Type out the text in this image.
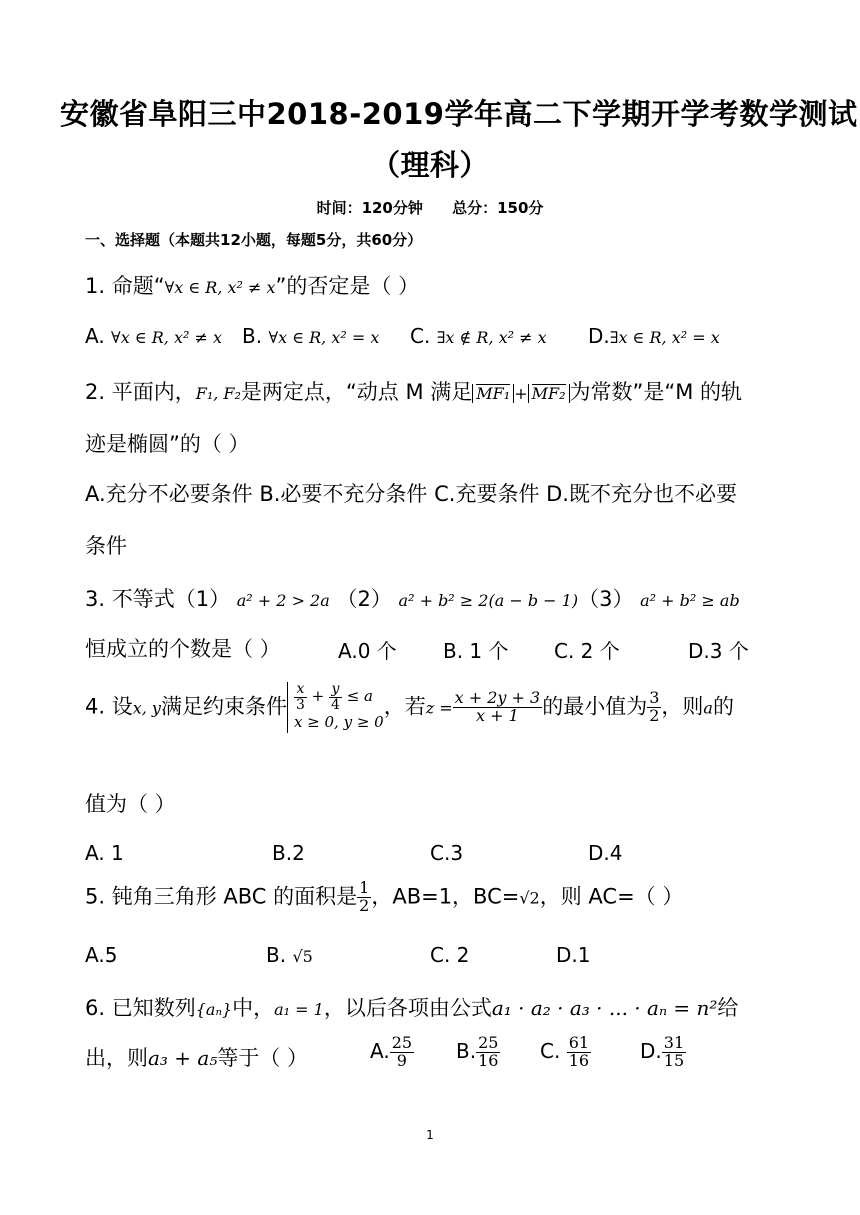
安徽省阜阳三中2018-2019学年高二下学期开学考数学测试
（理科）
时间：120分钟 总分：150分
一、选择题（本题共12小题，每题5分，共60分）
1. 命题“∀x ∈ R, x² ≠ x”的否定是（ ）
A. ∀x ∈ R, x² ≠ x B. ∀x ∈ R, x² = x C. ∃x ∉ R, x² ≠ x D.∃x ∈ R, x² = x
2. 平面内，F₁, F₂是两定点，“动点 M 满足 MF₁ + MF₂ 为常数”是“M 的轨
迹是椭圆”的（ ）
A.充分不必要条件 B.必要不充分条件 C.充要条件 D.既不充分也不必要
条件
3. 不等式（1） a² + 2 > 2a （2） a² + b² ≥ 2(a − b − 1)（3） a² + b² ≥ ab
恒成立的个数是（ ）	A.0 个 B. 1 个 C. 2 个	D.3 个
4. 设x, y满足约束条件 $\frac{x}{3} + \frac{y}{4} \le a$
x ≥ 0, y ≥ 0
，若$z = \frac{x + 2y + 3}{x + 1}$ 的最小值为 $\frac{3}{2}$ ，则a的
值为（ ）
A. 1	B.2	C.3	D.4
5. 钝角三角形 ABC 的面积是 $\frac{1}{2}$ ，AB=1，BC=√2，则 AC=（ ）
A.5	B. √5	C. 2	D.1
6. 已知数列{aₙ}中，a₁ = 1，以后各项由公式a₁ · a₂ · a₃ · ... · aₙ = n²给
出，则a₃ + a₅等于（ ）	A. $\frac{25}{9} B$. $\frac{25}{16} C$. $\frac{61}{16} D$. $\frac{31}{15}$
1
